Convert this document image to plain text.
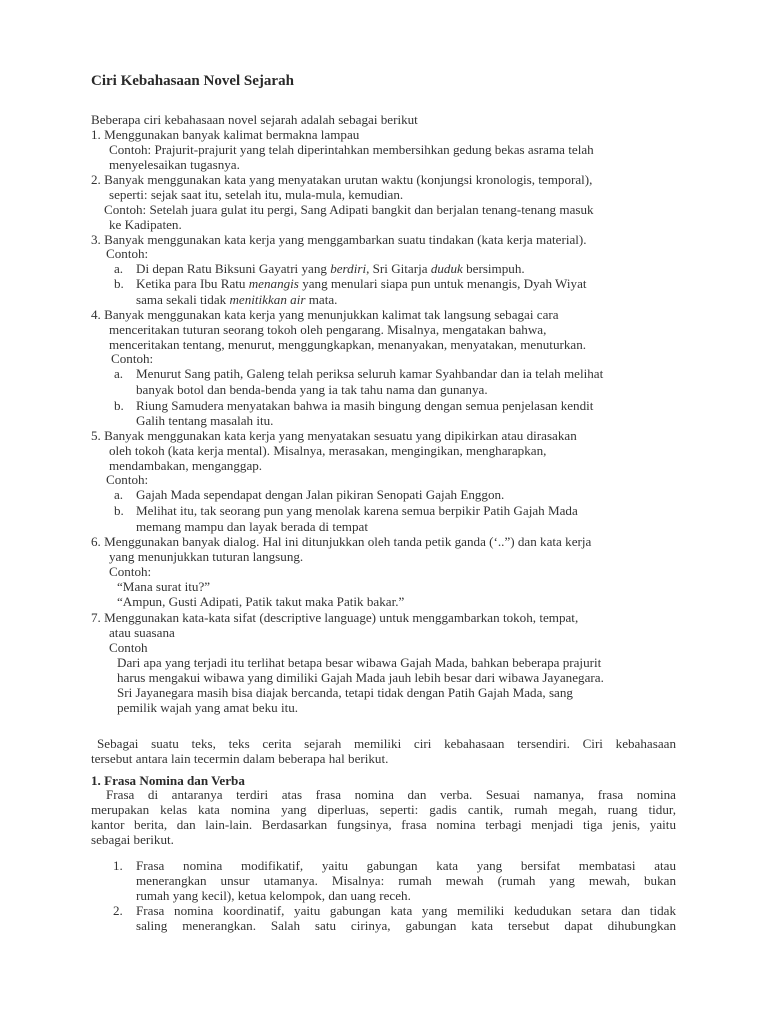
Ciri Kebahasaan Novel Sejarah
Beberapa ciri kebahasaan novel sejarah adalah sebagai berikut
1. Menggunakan banyak kalimat bermakna lampau
Contoh: Prajurit-prajurit yang telah diperintahkan membersihkan gedung bekas asrama telah
menyelesaikan tugasnya.
2. Banyak menggunakan kata yang menyatakan urutan waktu (konjungsi kronologis, temporal),
seperti: sejak saat itu, setelah itu, mula-mula, kemudian.
Contoh: Setelah juara gulat itu pergi, Sang Adipati bangkit dan berjalan tenang-tenang masuk
ke Kadipaten.
3. Banyak menggunakan kata kerja yang menggambarkan suatu tindakan (kata kerja material).
Contoh:
a. Di depan Ratu Biksuni Gayatri yang berdiri, Sri Gitarja duduk bersimpuh.
b. Ketika para Ibu Ratu menangis yang menulari siapa pun untuk menangis, Dyah Wiyat
sama sekali tidak menitikkan air mata.
4. Banyak menggunakan kata kerja yang menunjukkan kalimat tak langsung sebagai cara
menceritakan tuturan seorang tokoh oleh pengarang. Misalnya, mengatakan bahwa,
menceritakan tentang, menurut, menggungkapkan, menanyakan, menyatakan, menuturkan.
Contoh:
a. Menurut Sang patih, Galeng telah periksa seluruh kamar Syahbandar dan ia telah melihat
banyak botol dan benda-benda yang ia tak tahu nama dan gunanya.
b. Riung Samudera menyatakan bahwa ia masih bingung dengan semua penjelasan kendit
Galih tentang masalah itu.
5. Banyak menggunakan kata kerja yang menyatakan sesuatu yang dipikirkan atau dirasakan
oleh tokoh (kata kerja mental). Misalnya, merasakan, mengingikan, mengharapkan,
mendambakan, menganggap.
Contoh:
a. Gajah Mada sependapat dengan Jalan pikiran Senopati Gajah Enggon.
b. Melihat itu, tak seorang pun yang menolak karena semua berpikir Patih Gajah Mada
memang mampu dan layak berada di tempat
6. Menggunakan banyak dialog. Hal ini ditunjukkan oleh tanda petik ganda (‘..”) dan kata kerja
yang menunjukkan tuturan langsung.
Contoh:
“Mana surat itu?”
“Ampun, Gusti Adipati, Patik takut maka Patik bakar.”
7. Menggunakan kata-kata sifat (descriptive language) untuk menggambarkan tokoh, tempat,
atau suasana
Contoh
Dari apa yang terjadi itu terlihat betapa besar wibawa Gajah Mada, bahkan beberapa prajurit
harus mengakui wibawa yang dimiliki Gajah Mada jauh lebih besar dari wibawa Jayanegara.
Sri Jayanegara masih bisa diajak bercanda, tetapi tidak dengan Patih Gajah Mada, sang
pemilik wajah yang amat beku itu.
Sebagai suatu teks, teks cerita sejarah memiliki ciri kebahasaan tersendiri. Ciri kebahasaan
tersebut antara lain tecermin dalam beberapa hal berikut.
1. Frasa Nomina dan Verba
Frasa di antaranya terdiri atas frasa nomina dan verba. Sesuai namanya, frasa nomina
merupakan kelas kata nomina yang diperluas, seperti: gadis cantik, rumah megah, ruang tidur,
kantor berita, dan lain-lain. Berdasarkan fungsinya, frasa nomina terbagi menjadi tiga jenis, yaitu
sebagai berikut.
1. Frasa nomina modifikatif, yaitu gabungan kata yang bersifat membatasi atau
menerangkan unsur utamanya. Misalnya: rumah mewah (rumah yang mewah, bukan
rumah yang kecil), ketua kelompok, dan uang receh.
2. Frasa nomina koordinatif, yaitu gabungan kata yang memiliki kedudukan setara dan tidak
saling menerangkan. Salah satu cirinya, gabungan kata tersebut dapat dihubungkan
